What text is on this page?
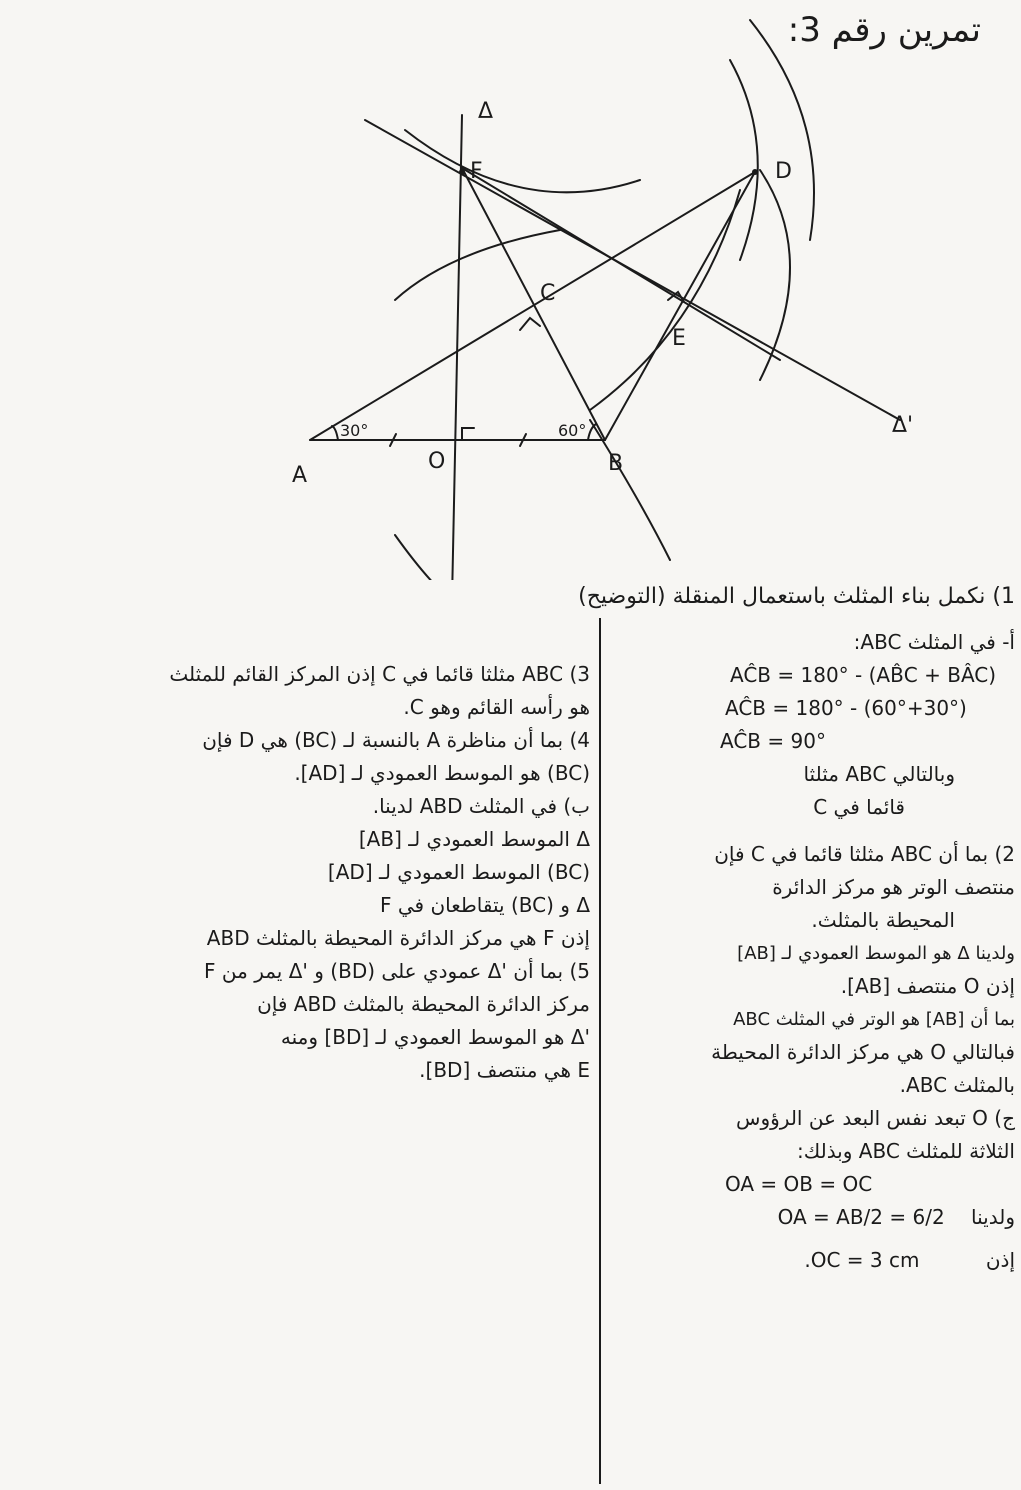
تمرين رقم 3:
A	B
C
D
F
E
O
Δ
Δ'
30°	60°
1) نكمل بناء المثلث باستعمال المنقلة (التوضيح)
أ- في المثلث ABC:
AĈB = 180° - (AB̂C + BÂC)
AĈB = 180° - (60°+30°)
AĈB = 90°
وبالتالي ABC مثلثا
قائما في C
2) بما أن ABC مثلثا قائما في C فإن
منتصف الوتر هو مركز الدائرة
المحيطة بالمثلث.
ولدينا Δ هو الموسط العمودي لـ [AB]
إذن O منتصف [AB].
بما أن [AB] هو الوتر في المثلث ABC
فبالتالي O هي مركز الدائرة المحيطة
بالمثلث ABC.
ج) O تبعد نفس البعد عن الرؤوس
الثلاثة للمثلث ABC وبذلك:
OA = OB = OC
ولدينا OA = AB/2 = 6/2
إذن OC = 3 cm.
3) ABC مثلثا قائما في C إذن المركز القائم للمثلث
هو رأسه القائم وهو C.
4) بما أن مناظرة A بالنسبة لـ (BC) هي D فإن
(BC) هو الموسط العمودي لـ [AD].
ب) في المثلث ABD لدينا.
Δ الموسط العمودي لـ [AB]
(BC) الموسط العمودي لـ [AD]
Δ و (BC) يتقاطعان في F
إذن F هي مركز الدائرة المحيطة بالمثلث ABD
5) بما أن 'Δ عمودي على (BD) و 'Δ يمر من F
مركز الدائرة المحيطة بالمثلث ABD فإن
'Δ هو الموسط العمودي لـ [BD] ومنه
E هي منتصف [BD].
